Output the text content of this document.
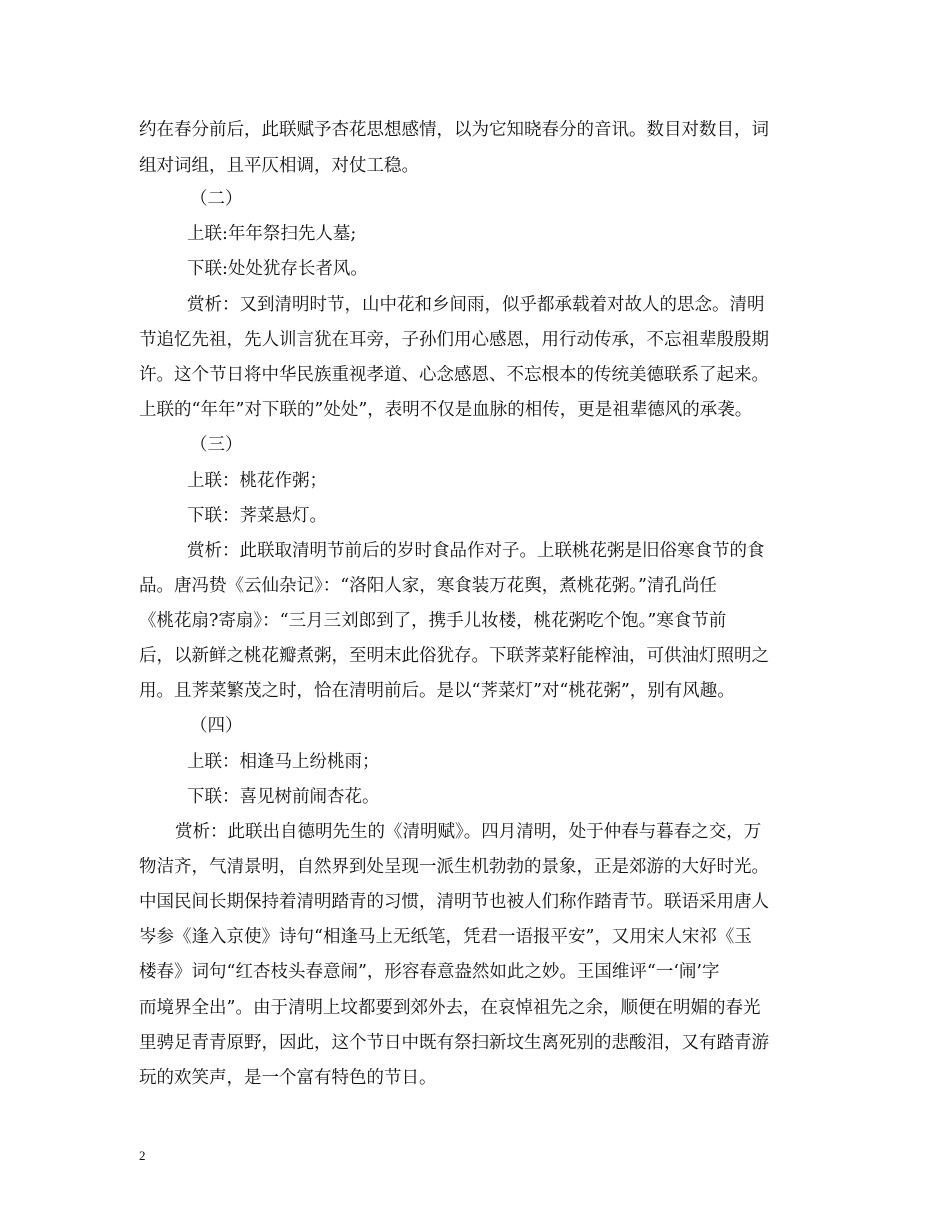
约在春分前后，此联赋予杏花思想感情，以为它知晓春分的音讯。数目对数目，词
组对词组，且平仄相调，对仗工稳。
（二）
上联:年年祭扫先人墓;
下联:处处犹存长者风。
赏析：又到清明时节，山中花和乡间雨，似乎都承载着对故人的思念。清明
节追忆先祖，先人训言犹在耳旁，子孙们用心感恩，用行动传承，不忘祖辈殷殷期
许。这个节日将中华民族重视孝道、心念感恩、不忘根本的传统美德联系了起来。
上联的“年年”对下联的”处处”，表明不仅是血脉的相传，更是祖辈德风的承袭。
（三）
上联：桃花作粥；
下联：荠菜悬灯。
赏析：此联取清明节前后的岁时食品作对子。上联桃花粥是旧俗寒食节的食
品。唐冯贽《云仙杂记》：“洛阳人家，寒食装万花舆，煮桃花粥。”清孔尚任
《桃花扇?寄扇》：“三月三刘郎到了，携手儿妆楼，桃花粥吃个饱。”寒食节前
后，以新鲜之桃花瓣煮粥，至明末此俗犹存。下联荠菜籽能榨油，可供油灯照明之
用。且荠菜繁茂之时，恰在清明前后。是以“荠菜灯”对“桃花粥”，别有风趣。
（四）
上联：相逢马上纷桃雨；
下联：喜见树前闹杏花。
赏析：此联出自德明先生的《清明赋》。四月清明，处于仲春与暮春之交，万
物洁齐，气清景明，自然界到处呈现一派生机勃勃的景象，正是郊游的大好时光。
中国民间长期保持着清明踏青的习惯，清明节也被人们称作踏青节。联语采用唐人
岑参《逢入京使》诗句“相逢马上无纸笔，凭君一语报平安”，又用宋人宋祁《玉
楼春》词句“红杏枝头春意闹”，形容春意盎然如此之妙。王国维评“一‘闹’字
而境界全出”。由于清明上坟都要到郊外去，在哀悼祖先之余，顺便在明媚的春光
里骋足青青原野，因此，这个节日中既有祭扫新坟生离死别的悲酸泪，又有踏青游
玩的欢笑声，是一个富有特色的节日。
2
